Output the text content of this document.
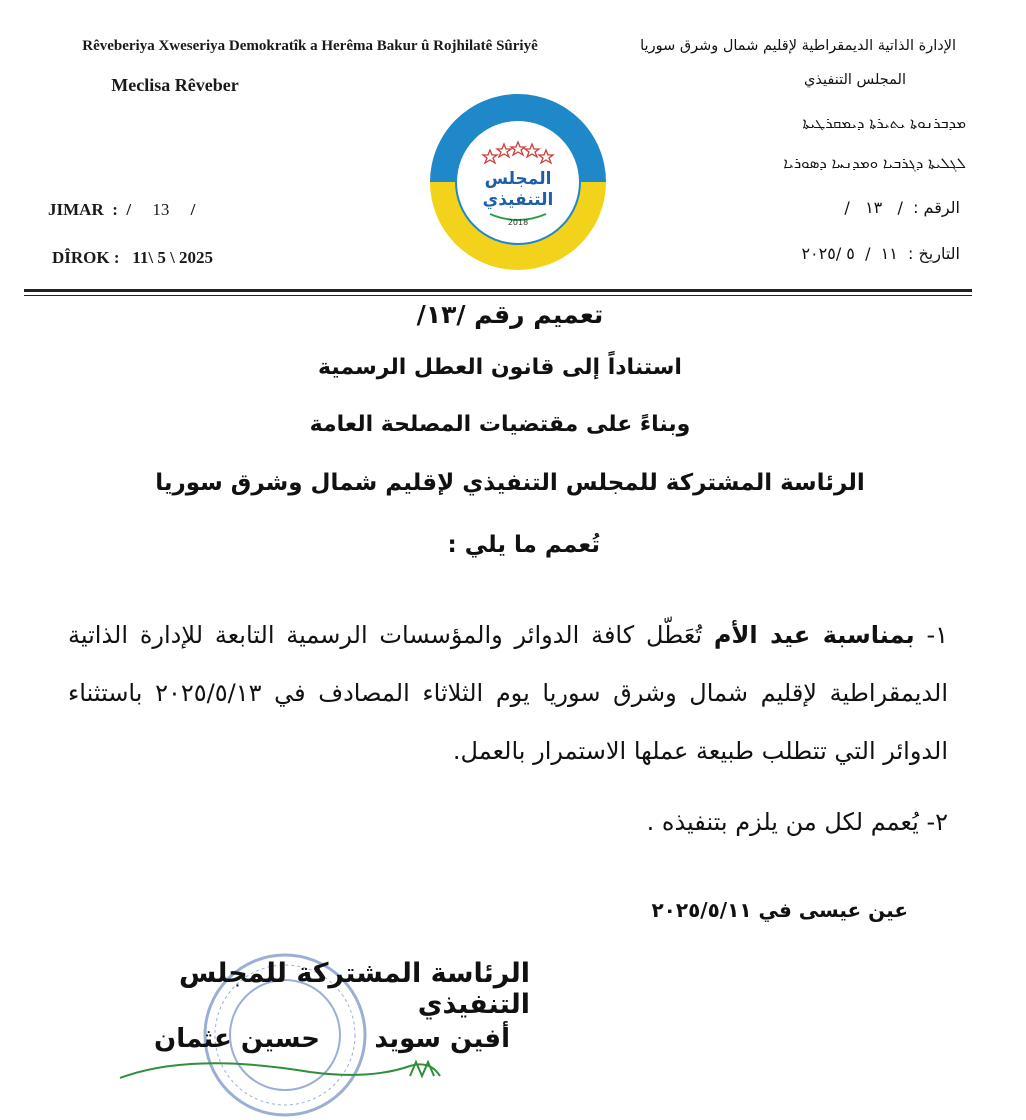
Rêveberiya Xweseriya Demokratîk a Herêma Bakur û Rojhilatê Sûriyê
Meclisa Rêveber
JIMAR  :  / 13 /
DÎROK : 11\ 5 \ 2025
الإدارة الذاتية الديمقراطية لإقليم شمال وشرق سوريا
المجلس التنفيذي
ܡܕܒܪܢܘܬܐ ܝܬܝܪܬܐ ܕܝܡܩܪܛܝܬܐ
ܠܓܠܝܬܐ ܕܓܪܒܝܐ ܘܡܕܢܚܐ ܕܣܘܪܝܐ
الرقم :  /   ١٣   /
التاريخ :  ١١  /  ٥ /٢٠٢٥
المجلس
التنفيذي
2018
تعميم رقم /١٣/
استناداً إلى قانون العطل الرسمية
وبناءً على مقتضيات المصلحة العامة
الرئاسة المشتركة للمجلس التنفيذي لإقليم شمال وشرق سوريا
تُعمم ما يلي :
١- بمناسبة عيد الأم تُعَطّل كافة الدوائر والمؤسسات الرسمية التابعة للإدارة الذاتية الديمقراطية لإقليم شمال وشرق سوريا يوم الثلاثاء المصادف في ٢٠٢٥/٥/١٣ باستثناء الدوائر التي تتطلب طبيعة عملها الاستمرار بالعمل.
٢- يُعمم لكل من يلزم بتنفيذه .
عين عيسى في ٢٠٢٥/٥/١١
الرئاسة المشتركة للمجلس التنفيذي
أفين سويد      حسين عثمان
